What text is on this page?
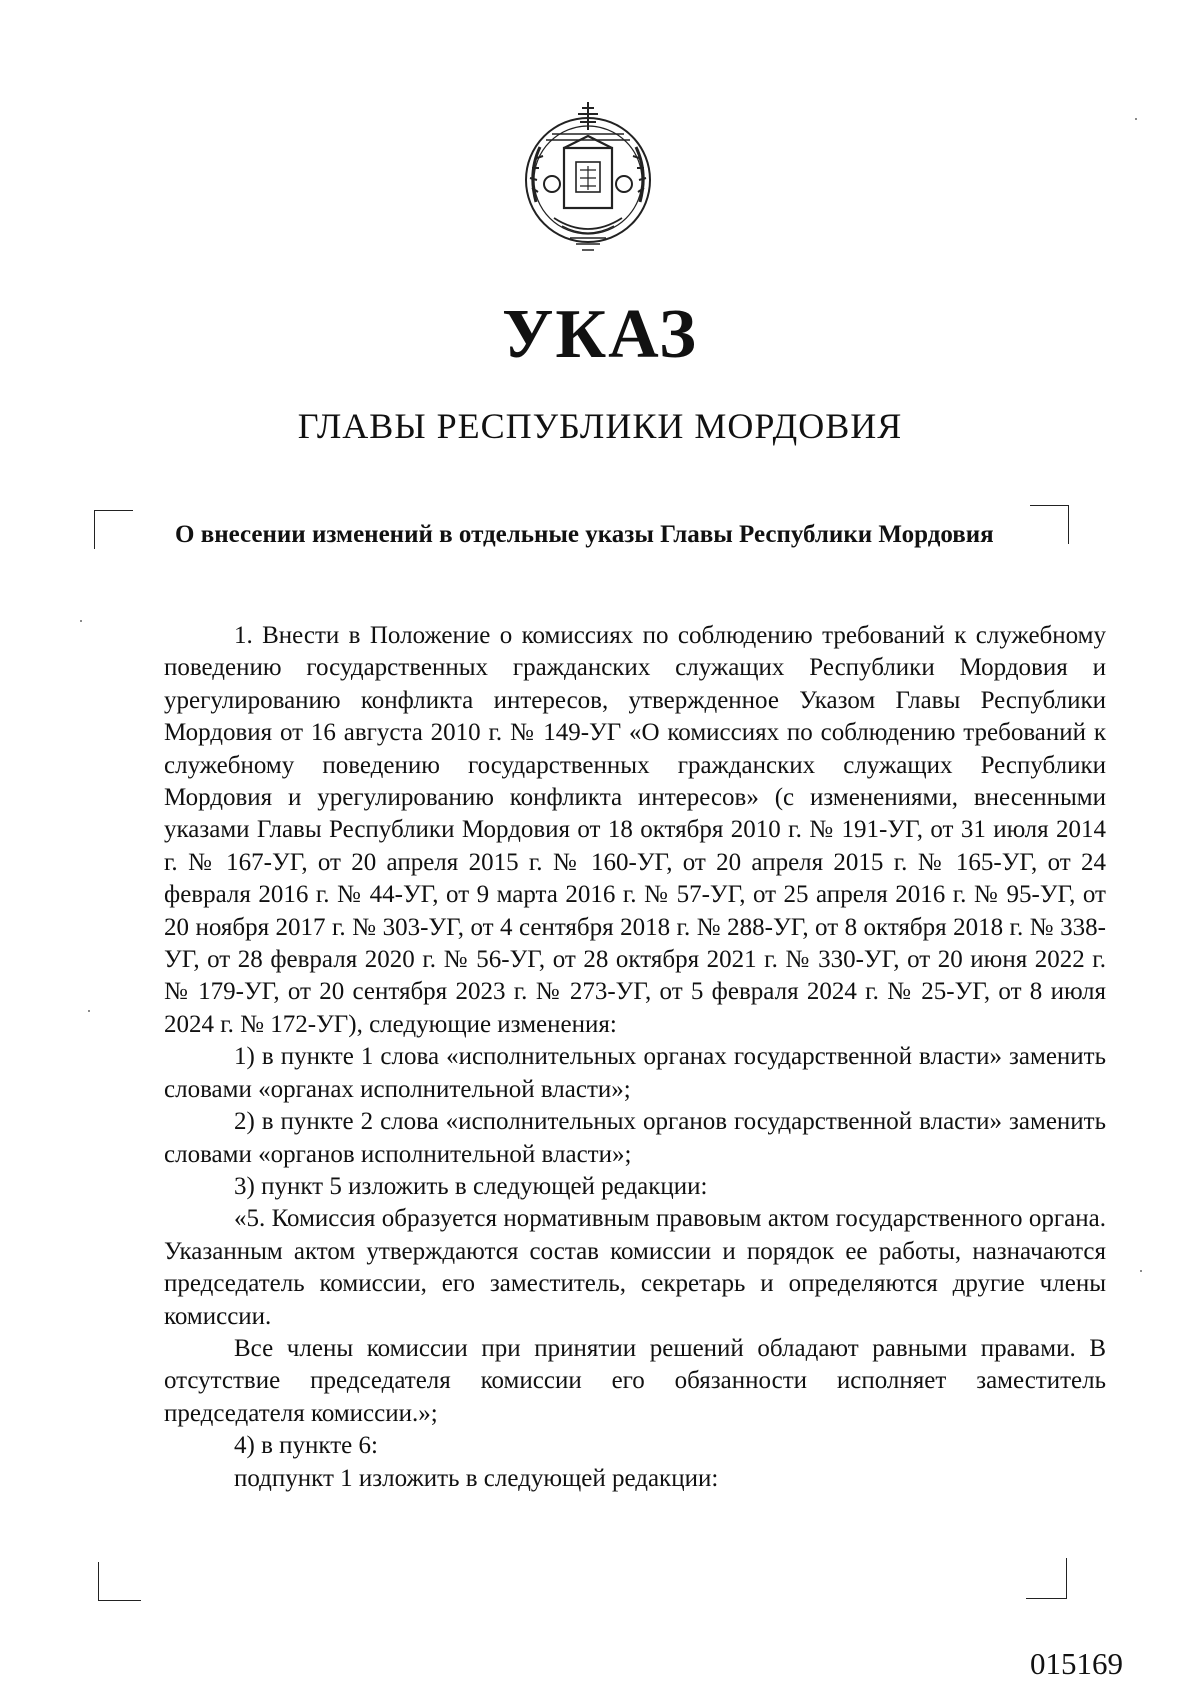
УКАЗ
ГЛАВЫ РЕСПУБЛИКИ МОРДОВИЯ
О внесении изменений в отдельные указы Главы Республики Мордовия

1. Внести в Положение о комиссиях по соблюдению требований к служебному поведению государственных гражданских служащих Республики Мордовия и урегулированию конфликта интересов, утвержденное Указом Главы Республики Мордовия от 16 августа 2010 г. № 149-УГ «О комиссиях по соблюдению требований к служебному поведению государственных гражданских служащих Республики Мордовия и урегулированию конфликта интересов» (с изменениями, внесенными указами Главы Республики Мордовия от 18 октября 2010 г. № 191-УГ, от 31 июля 2014 г. № 167-УГ, от 20 апреля 2015 г. № 160-УГ, от 20 апреля 2015 г. № 165-УГ, от 24 февраля 2016 г. № 44-УГ, от 9 марта 2016 г. № 57-УГ, от 25 апреля 2016 г. № 95-УГ, от 20 ноября 2017 г. № 303-УГ, от 4 сентября 2018 г. № 288-УГ, от 8 октября 2018 г. № 338-УГ, от 28 февраля 2020 г. № 56-УГ, от 28 октября 2021 г. № 330-УГ, от 20 июня 2022 г. № 179-УГ, от 20 сентября 2023 г. № 273-УГ, от 5 февраля 2024 г. № 25-УГ, от 8 июля 2024 г. № 172-УГ), следующие изменения:

1) в пункте 1 слова «исполнительных органах государственной власти» заменить словами «органах исполнительной власти»;

2) в пункте 2 слова «исполнительных органов государственной власти» заменить словами «органов исполнительной власти»;

3) пункт 5 изложить в следующей редакции:

«5. Комиссия образуется нормативным правовым актом государственного органа. Указанным актом утверждаются состав комиссии и порядок ее работы, назначаются председатель комиссии, его заместитель, секретарь и определяются другие члены комиссии.

Все члены комиссии при принятии решений обладают равными правами. В отсутствие председателя комиссии его обязанности исполняет заместитель председателя комиссии.»;

4) в пункте 6:

подпункт 1 изложить в следующей редакции:

015169
